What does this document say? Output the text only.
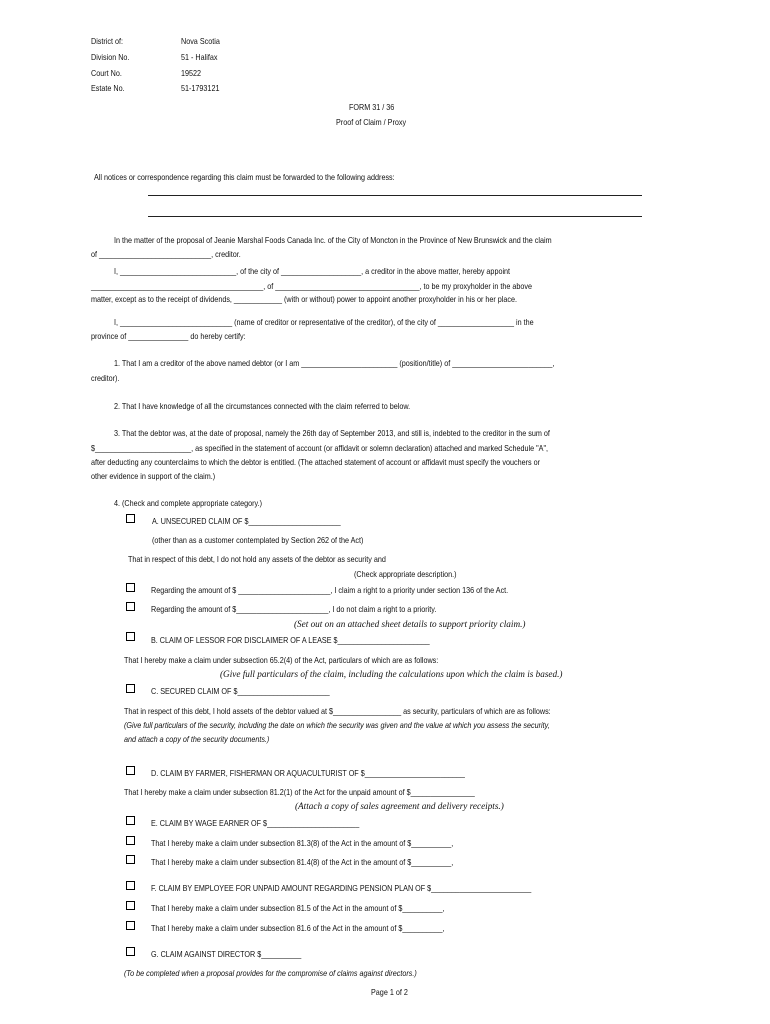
District of:	Nova Scotia
Division No.	51 - Halifax
Court No.	19522
Estate No.	51-1793121
FORM 31 / 36
Proof of Claim / Proxy
All notices or correspondence regarding this claim must be forwarded to the following address:
In the matter of the proposal of Jeanie Marshal Foods Canada Inc. of the City of Moncton in the Province of New Brunswick and the claim
of ____________________________, creditor.
I, _____________________________, of the city of ____________________, a creditor in the above matter, hereby appoint
___________________________________________, of ____________________________________, to be my proxyholder in the above
matter, except as to the receipt of dividends, ____________ (with or without) power to appoint another proxyholder in his or her place.
I, ____________________________ (name of creditor or representative of the creditor), of the city of ___________________ in the
province of _______________ do hereby certify:
1. That I am a creditor of the above named debtor (or I am ________________________ (position/title) of _________________________,
creditor).
2. That I have knowledge of all the circumstances connected with the claim referred to below.
3. That the debtor was, at the date of proposal, namely the 26th day of September 2013, and still is, indebted to the creditor in the sum of
$________________________, as specified in the statement of account (or affidavit or solemn declaration) attached and marked Schedule "A",
after deducting any counterclaims to which the debtor is entitled. (The attached statement of account or affidavit must specify the vouchers or
other evidence in support of the claim.)
4. (Check and complete appropriate category.)
A. UNSECURED CLAIM OF $_______________________
(other than as a customer contemplated by Section 262 of the Act)
That in respect of this debt, I do not hold any assets of the debtor as security and
(Check appropriate description.)
Regarding the amount of $ _______________________, I claim a right to a priority under section 136 of the Act.
Regarding the amount of $_______________________, I do not claim a right to a priority.
(Set out on an attached sheet details to support priority claim.)
B. CLAIM OF LESSOR FOR DISCLAIMER OF A LEASE $_______________________
That I hereby make a claim under subsection 65.2(4) of the Act, particulars of which are as follows:
(Give full particulars of the claim, including the calculations upon which the claim is based.)
C. SECURED CLAIM OF $_______________________
That in respect of this debt, I hold assets of the debtor valued at $_________________ as security, particulars of which are as follows:
(Give full particulars of the security, including the date on which the security was given and the value at which you assess the security,
and attach a copy of the security documents.)
D. CLAIM BY FARMER, FISHERMAN OR AQUACULTURIST OF $_________________________
That I hereby make a claim under subsection 81.2(1) of the Act for the unpaid amount of $________________
(Attach a copy of sales agreement and delivery receipts.)
E. CLAIM BY WAGE EARNER OF $_______________________
That I hereby make a claim under subsection 81.3(8) of the Act in the amount of $__________,
That I hereby make a claim under subsection 81.4(8) of the Act in the amount of $__________,
F. CLAIM BY EMPLOYEE FOR UNPAID AMOUNT REGARDING PENSION PLAN OF $_________________________
That I hereby make a claim under subsection 81.5 of the Act in the amount of $__________,
That I hereby make a claim under subsection 81.6 of the Act in the amount of $__________,
G. CLAIM AGAINST DIRECTOR $__________
(To be completed when a proposal provides for the compromise of claims against directors.)
Page 1 of 2
